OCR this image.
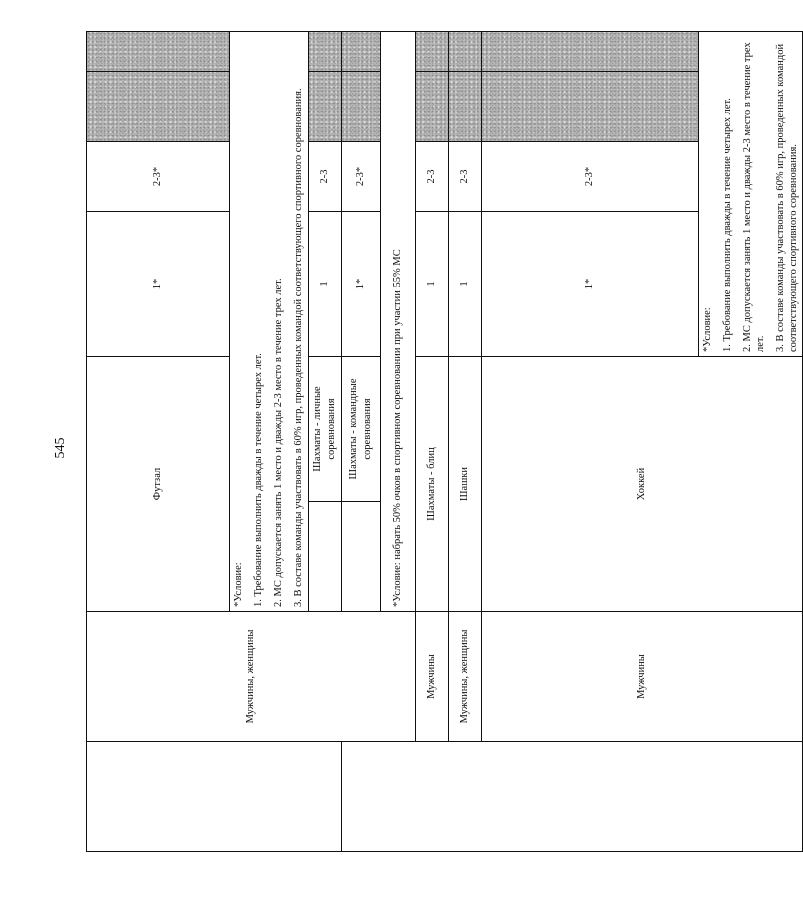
545
	Мужчины, женщины	Футзал		1*	2-3*		

		*Условие: 1. Требование выполнить дважды в течение четырех лет. 2. МС допускается занять 1 место и дважды 2-3 место в течение трех лет. 3. В составе команды участвовать в 60% игр, проведенных командой соответствующего спортивного соревнования.					

			Шахматы - личные соревнования	1	2-3		
			Шахматы - командные соревнования	1*	2-3*		
		*Условие: набрать 50% очков в спортивном соревновании при участии 55% МС					
	Мужчины	Шахматы - блиц		1	2-3		
	Мужчины, женщины	Шашки		1	2-3		
	Мужчины	Хоккей		1*	2-3*		

				*Условие: 1. Требование выполнить дважды в течение четырех лет. 2. МС допускается занять 1 место и дважды 2-3 место в течение трех лет. 3. В составе команды участвовать в 60% игр, проведенных командой соответствующего спортивного соревнования.			
